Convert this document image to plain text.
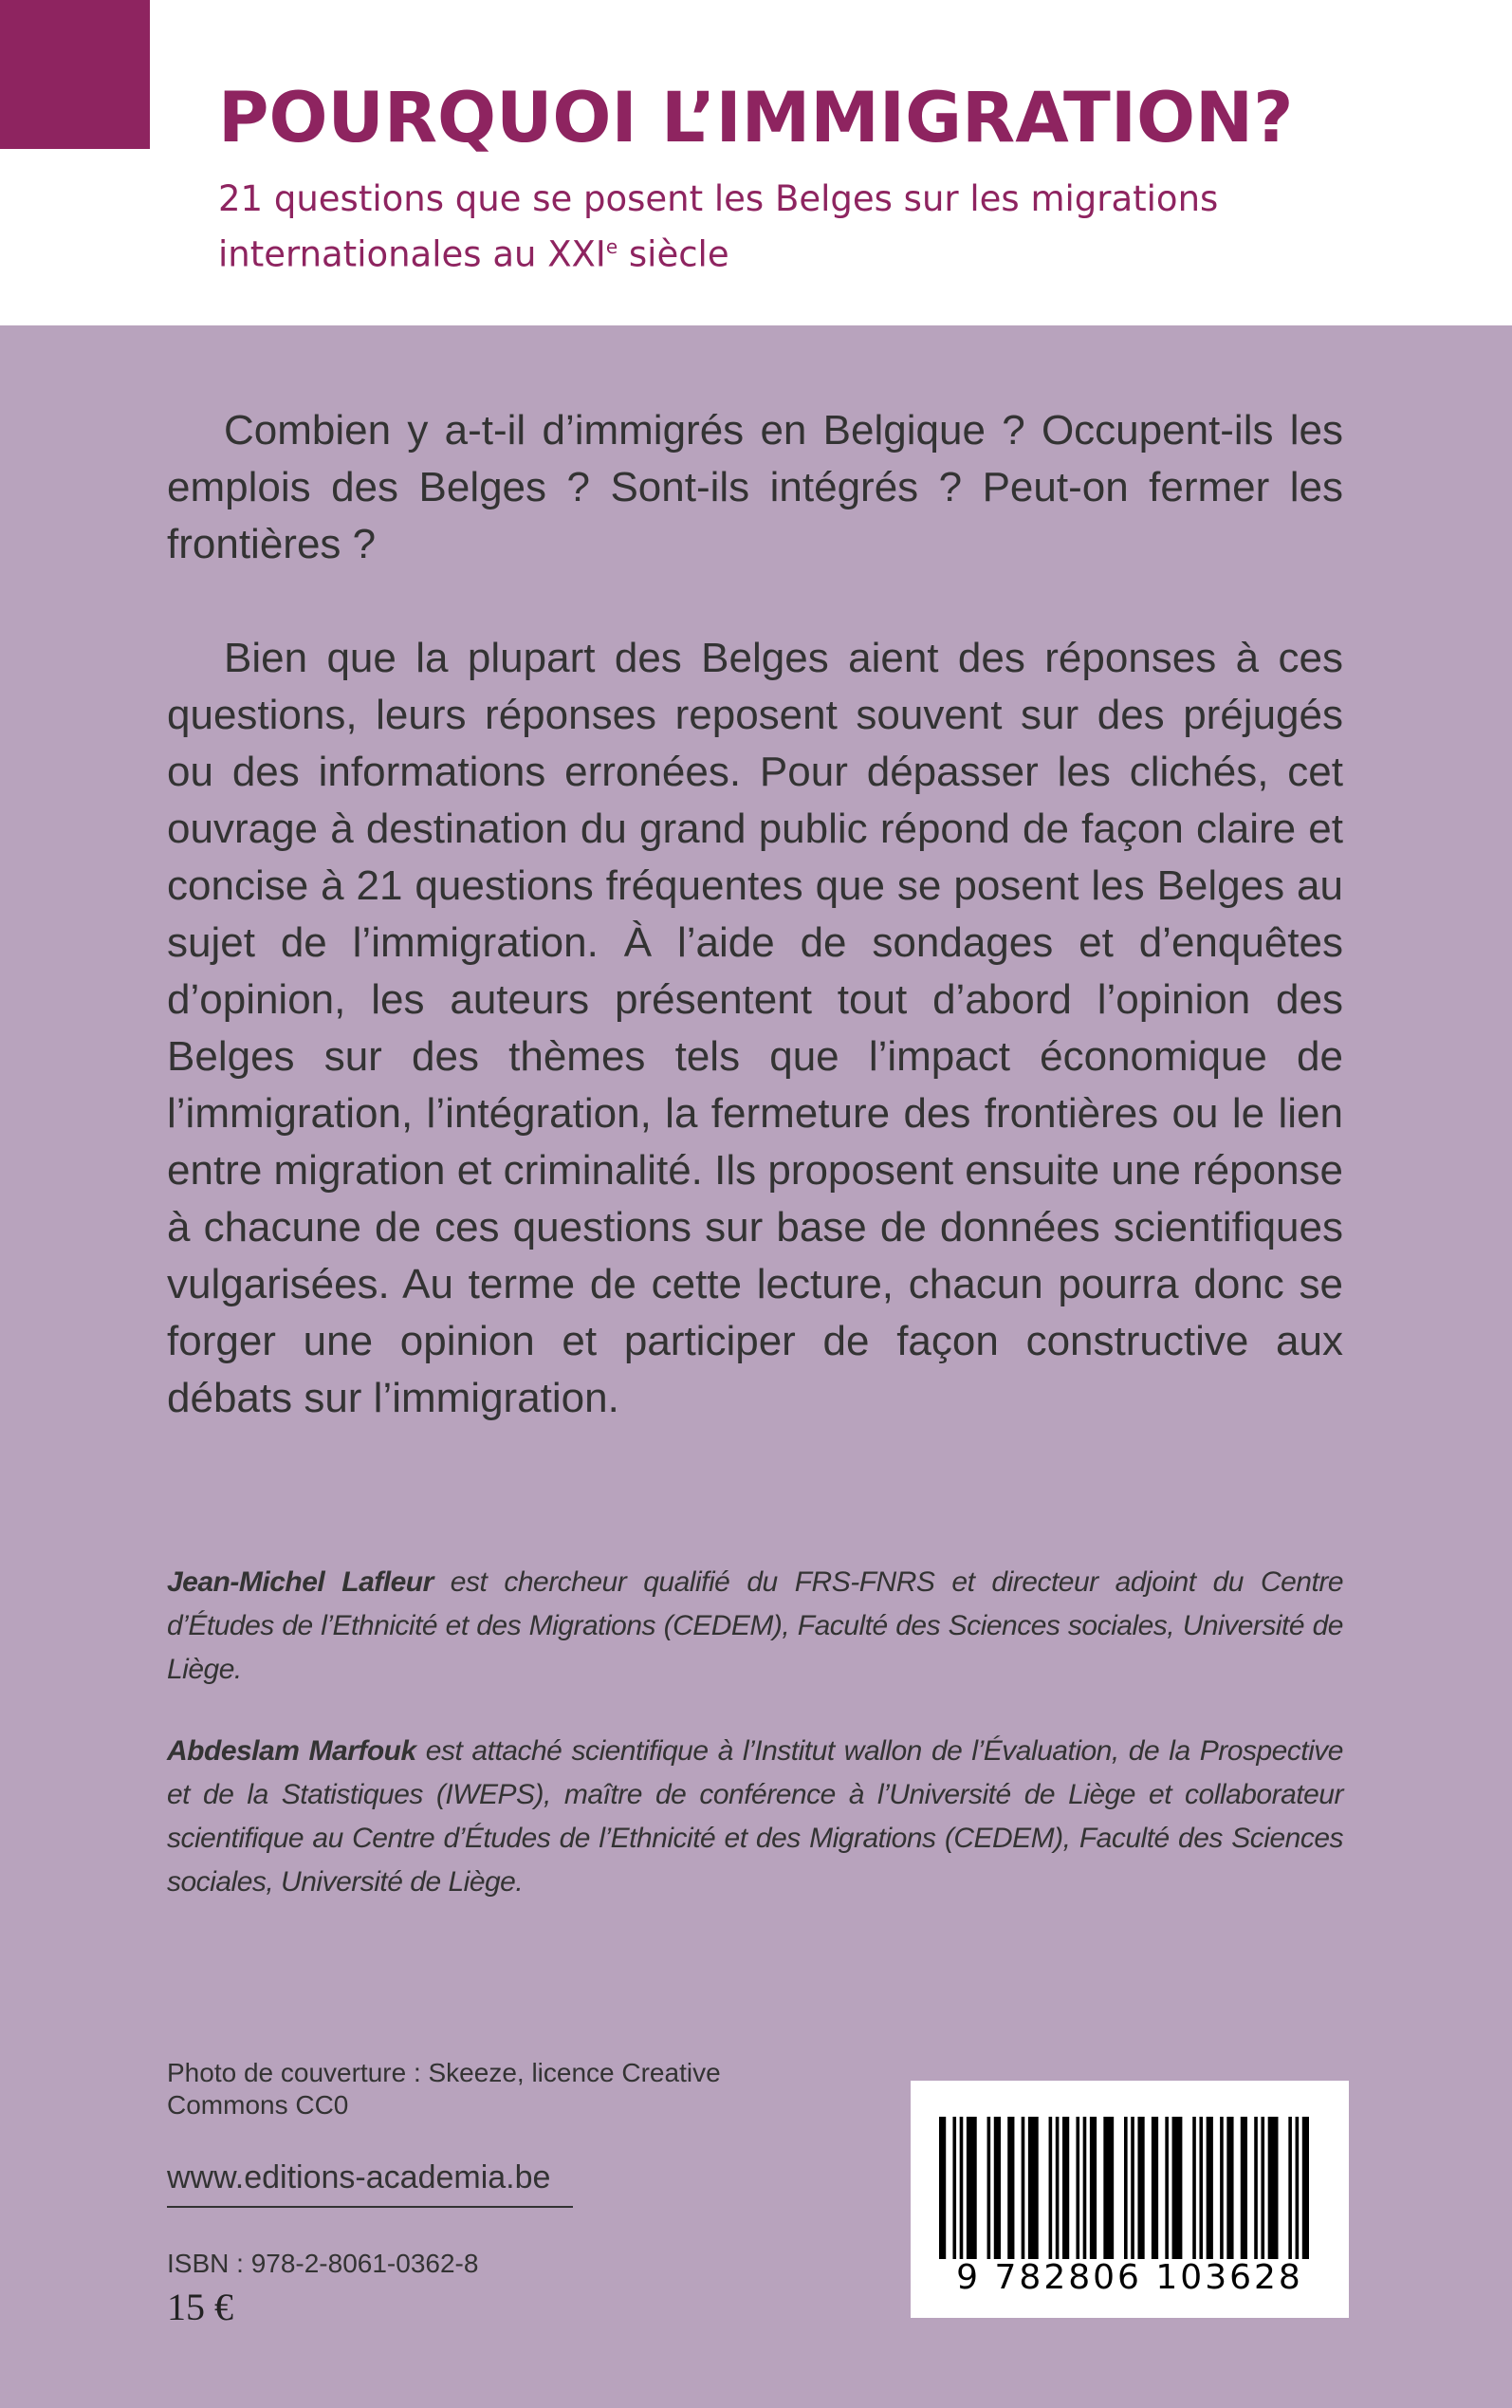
POURQUOI L’IMMIGRATION?
21 questions que se posent les Belges sur les migrations
internationales au XXIe siècle

Combien y a-t-il d’immigrés en Belgique ? Occupent-ils les emplois des Belges ? Sont-ils intégrés ? Peut-on fermer les frontières ?

Bien que la plupart des Belges aient des réponses à ces questions, leurs réponses reposent souvent sur des préjugés ou des informations erronées. Pour dépasser les clichés, cet ouvrage à destination du grand public répond de façon claire et concise à 21 questions fréquentes que se posent les Belges au sujet de l’immigration. À l’aide de sondages et d’enquêtes d’opinion, les auteurs présentent tout d’abord l’opinion des Belges sur des thèmes tels que l’impact économique de l’immigration, l’intégration, la fermeture des frontières ou le lien entre migration et criminalité. Ils proposent ensuite une réponse à chacune de ces questions sur base de données scientifiques vulgarisées. Au terme de cette lecture, chacun pourra donc se forger une opinion et participer de façon constructive aux débats sur l’immigration.

Jean-Michel Lafleur est chercheur qualifié du FRS-FNRS et directeur adjoint du Centre d’Études de l’Ethnicité et des Migrations (CEDEM), Faculté des Sciences sociales, Université de Liège.

Abdeslam Marfouk est attaché scientifique à l’Institut wallon de l’Évaluation, de la Prospective et de la Statistiques (IWEPS), maître de conférence à l’Université de Liège et collaborateur scientifique au Centre d’Études de l’Ethnicité et des Migrations (CEDEM), Faculté des Sciences sociales, Université de Liège.

Photo de couverture : Skeeze, licence Creative Commons CC0
www.editions-academia.be
ISBN : 978-2-8061-0362-8
15 €
9 782806 103628
